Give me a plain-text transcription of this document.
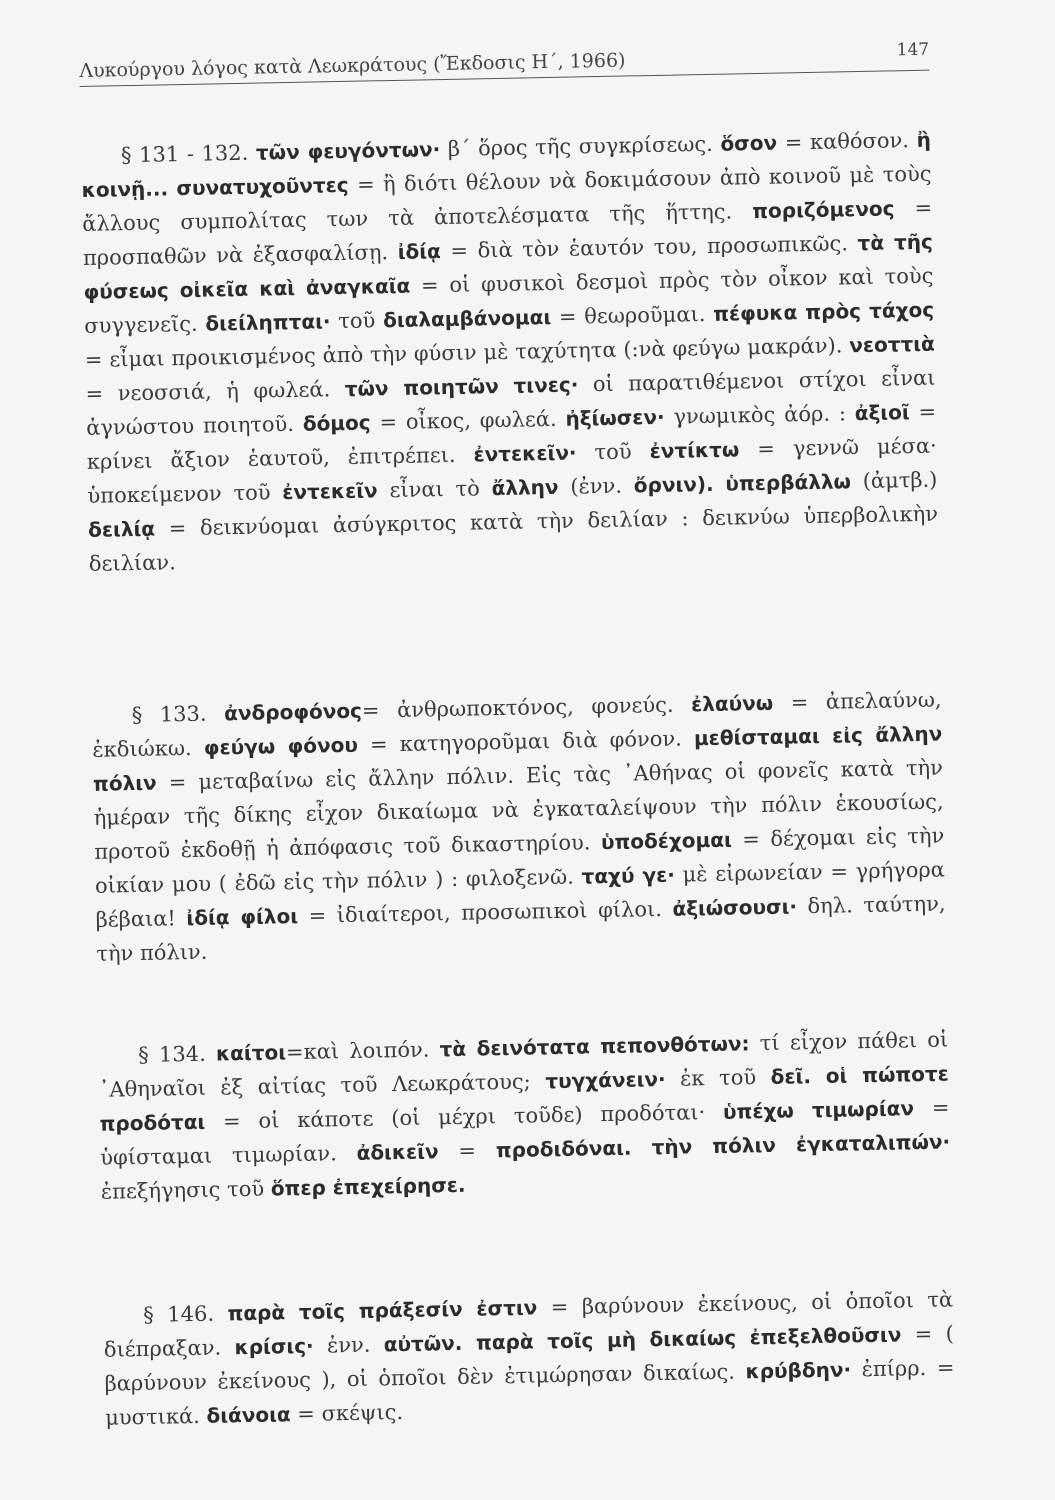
Λυκούργου λόγος κατὰ Λεωκράτους (Ἔκδοσις Η΄, 1966)	147

§ 131 - 132. τῶν φευγόντων· β΄ ὅρος τῆς συγκρίσεως. ὅσον = καθόσον. ἢ κοινῇ... συνατυχοῦντες = ἢ διότι θέλουν νὰ δοκιμάσουν ἀπὸ κοινοῦ μὲ τοὺς ἄλλους συμπολίτας των τὰ ἀποτελέσματα τῆς ἥττης. ποριζόμενος = προσπαθῶν νὰ ἐξασφαλίσῃ. ἰδίᾳ = διὰ τὸν ἑαυτόν του, προσωπικῶς. τὰ τῆς φύσεως οἰκεῖα καὶ ἀναγκαῖα = οἱ φυσικοὶ δεσμοὶ πρὸς τὸν οἶκον καὶ τοὺς συγγενεῖς. διείληπται· τοῦ διαλαμβάνομαι = θεωροῦμαι. πέφυκα πρὸς τάχος = εἶμαι προικισμένος ἀπὸ τὴν φύσιν μὲ ταχύτητα (:νὰ φεύγω μακράν). νεοττιὰ = νεοσσιά, ἡ φωλεά. τῶν ποιητῶν τινες· οἱ παρατιθέμενοι στίχοι εἶναι ἀγνώστου ποιητοῦ. δόμος = οἶκος, φωλεά. ἠξίωσεν· γνωμικὸς ἀόρ. : ἀξιοῖ = κρίνει ἄξιον ἑαυτοῦ, ἐπιτρέπει. ἐντεκεῖν· τοῦ ἐντίκτω = γεννῶ μέσα· ὑποκείμενον τοῦ ἐντεκεῖν εἶναι τὸ ἄλλην (ἐνν. ὄρνιν). ὑπερβάλλω (ἀμτβ.) δειλίᾳ = δεικνύομαι ἀσύγκριτος κατὰ τὴν δειλίαν : δεικνύω ὑπερβολικὴν δειλίαν.

§ 133. ἀνδροφόνος= ἀνθρωποκτόνος, φονεύς. ἐλαύνω = ἀπελαύνω, ἐκδιώκω. φεύγω φόνου = κατηγοροῦμαι διὰ φόνον. μεθίσταμαι εἰς ἄλλην πόλιν = μεταβαίνω εἰς ἄλλην πόλιν. Εἰς τὰς ᾿Αθήνας οἱ φονεῖς κατὰ τὴν ἡμέραν τῆς δίκης εἶχον δικαίωμα νὰ ἐγκαταλείψουν τὴν πόλιν ἑκουσίως, προτοῦ ἐκδοθῇ ἡ ἀπόφασις τοῦ δικαστηρίου. ὑποδέχομαι = δέχομαι εἰς τὴν οἰκίαν μου ( ἐδῶ εἰς τὴν πόλιν ) : φιλοξενῶ. ταχύ γε· μὲ εἰρωνείαν = γρήγορα βέβαια! ἰδίᾳ φίλοι = ἰδιαίτεροι, προσωπικοὶ φίλοι. ἀξιώσουσι· δηλ. ταύτην, τὴν πόλιν.

§ 134. καίτοι=καὶ λοιπόν. τὰ δεινότατα πεπονθότων: τί εἶχον πάθει οἱ ᾿Αθηναῖοι ἐξ αἰτίας τοῦ Λεωκράτους; τυγχάνειν· ἐκ τοῦ δεῖ. οἱ πώποτε προδόται = οἱ κάποτε (οἱ μέχρι τοῦδε) προδόται· ὑπέχω τιμωρίαν = ὑφίσταμαι τιμωρίαν. ἀδικεῖν = προδιδόναι. τὴν πόλιν ἐγκαταλιπών· ἐπεξήγησις τοῦ ὅπερ ἐπεχείρησε.

§ 146. παρὰ τοῖς πράξεσίν ἐστιν = βαρύνουν ἐκείνους, οἱ ὁποῖοι τὰ διέπραξαν. κρίσις· ἐνν. αὐτῶν. παρὰ τοῖς μὴ δικαίως ἐπεξελθοῦσιν = ( βαρύνουν ἐκείνους ), οἱ ὁποῖοι δὲν ἐτιμώρησαν δικαίως. κρύβδην· ἐπίρρ. = μυστικά. διάνοια = σκέψις.
